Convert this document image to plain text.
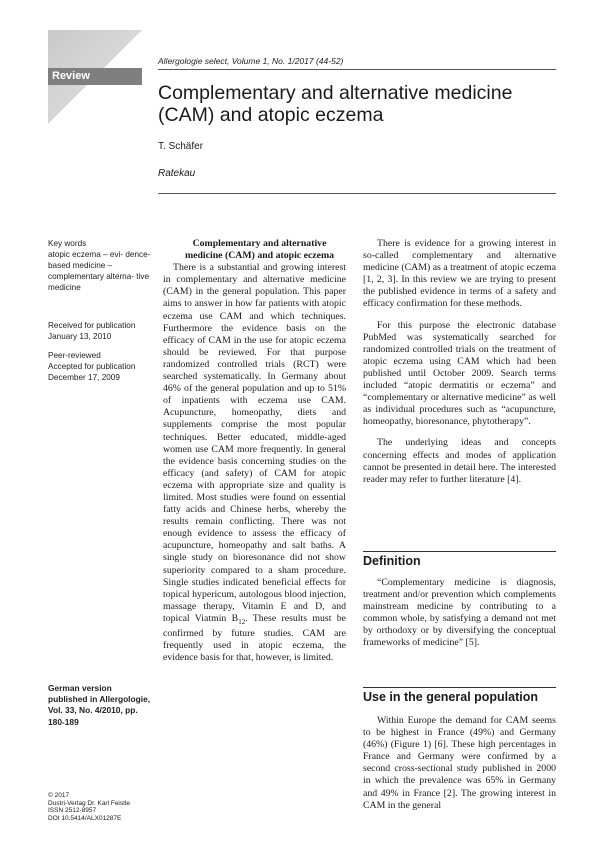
Review
Allergologie select, Volume 1, No. 1/2017 (44-52)
Complementary and alternative medicine (CAM) and atopic eczema
T. Schäfer
Ratekau
Key words
atopic eczema – evi- dence-based medicine – complementary alterna- tive medicine
Received for publication
January 13, 2010
Peer-reviewed
Accepted for publication
December 17, 2009
German version published in Allergologie, Vol. 33, No. 4/2010, pp. 180-189
© 2017
Dustri-Verlag Dr. Karl Feistle
ISSN 2512-8957
DOI 10.5414/ALX01287E
Complementary and alternative medicine (CAM) and atopic eczema

There is a substantial and growing interest in complementary and alternative medicine (CAM) in the general population. This paper aims to answer in how far patients with atopic eczema use CAM and which techniques. Furthermore the evidence basis on the efficacy of CAM in the use for atopic eczema should be reviewed. For that purpose randomized controlled trials (RCT) were searched systematically. In Germany about 46% of the general population and up to 51% of inpatients with eczema use CAM. Acupuncture, homeopathy, diets and supplements comprise the most popular techniques. Better educated, middle-aged women use CAM more frequently. In general the evidence basis concerning studies on the efficacy (and safety) of CAM for atopic eczema with appropriate size and quality is limited. Most studies were found on essential fatty acids and Chinese herbs, whereby the results remain conflicting. There was not enough evidence to assess the efficacy of acupuncture, homeopathy and salt baths. A single study on bioresonance did not show superiority compared to a sham procedure. Single studies indicated beneficial effects for topical hypericum, autologous blood injection, massage therapy, Vitamin E and D, and topical Viatmin $B_{12}$. These results must be confirmed by future studies. CAM are frequently used in atopic eczema, the evidence basis for that, however, is limited.

There is evidence for a growing interest in so-called complementary and alternative medicine (CAM) as a treatment of atopic eczema [1, 2, 3]. In this review we are trying to present the published evidence in terms of a safety and efficacy confirmation for these methods.

For this purpose the electronic database PubMed was systematically searched for randomized controlled trials on the treatment of atopic eczema using CAM which had been published until October 2009. Search terms included “atopic dermatitis or eczema” and “complementary or alternative medicine” as well as individual procedures such as “acupuncture, homeopathy, bioresonance, phytotherapy”.

The underlying ideas and concepts concerning effects and modes of application cannot be presented in detail here. The interested reader may refer to further literature [4].

Definition

“Complementary medicine is diagnosis, treatment and/or prevention which complements mainstream medicine by contributing to a common whole, by satisfying a demand not met by orthodoxy or by diversifying the conceptual frameworks of medicine” [5].

Use in the general population

Within Europe the demand for CAM seems to be highest in France (49%) and Germany (46%) (Figure 1) [6]. These high percentages in France and Germany were confirmed by a second cross-sectional study published in 2000 in which the prevalence was 65% in Germany and 49% in France [2]. The growing interest in CAM in the general
